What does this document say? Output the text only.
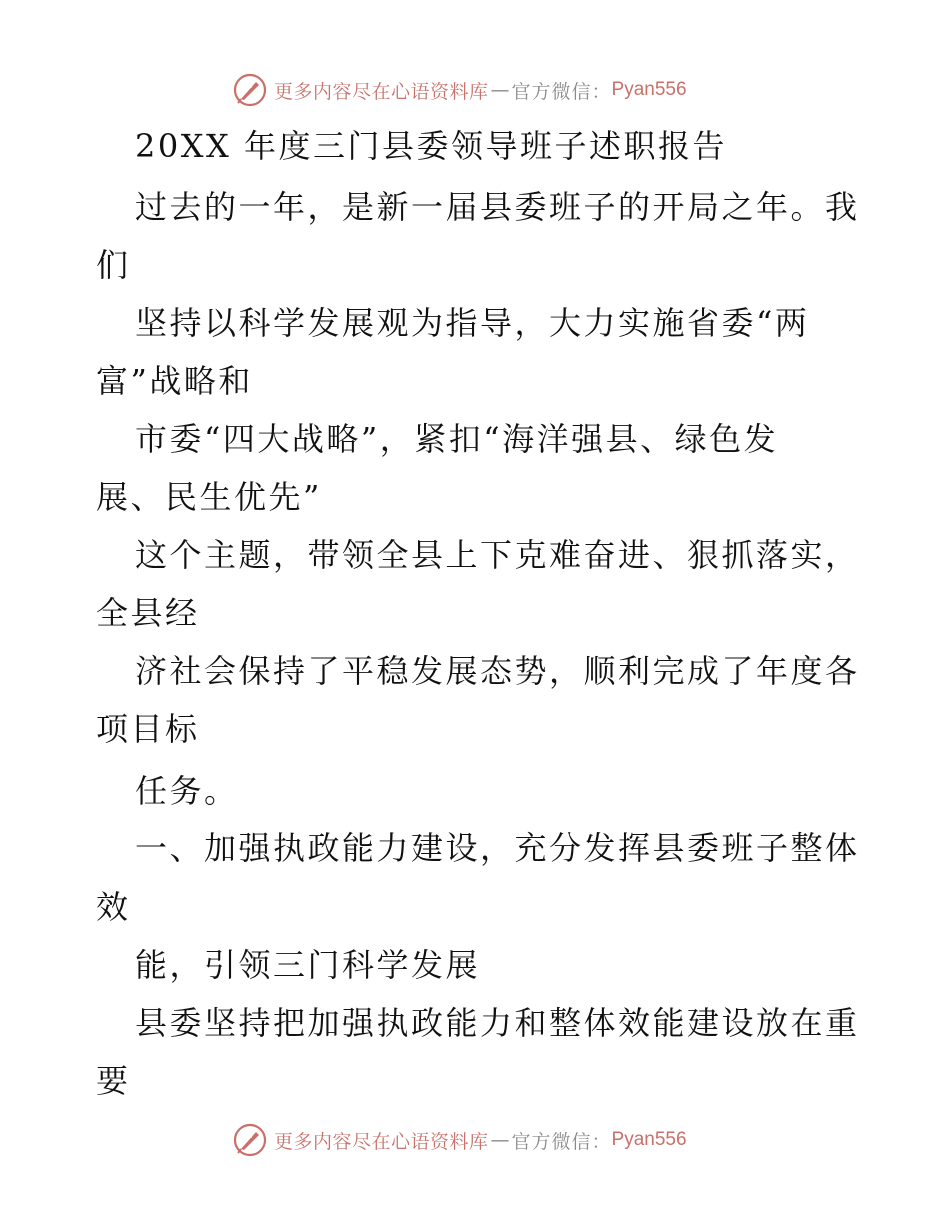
更多内容尽在心语资料库 — 官方微信： Pyan556
20XX 年度三门县委领导班子述职报告
过去的一年，是新一届县委班子的开局之年。我
们
坚持以科学发展观为指导，大力实施省委“两
富”战略和
市委“四大战略”，紧扣“海洋强县、绿色发
展、民生优先”
这个主题，带领全县上下克难奋进、狠抓落实，
全县经
济社会保持了平稳发展态势，顺利完成了年度各
项目标
任务。
一、加强执政能力建设，充分发挥县委班子整体
效
能，引领三门科学发展
县委坚持把加强执政能力和整体效能建设放在重
要
更多内容尽在心语资料库 — 官方微信： Pyan556
